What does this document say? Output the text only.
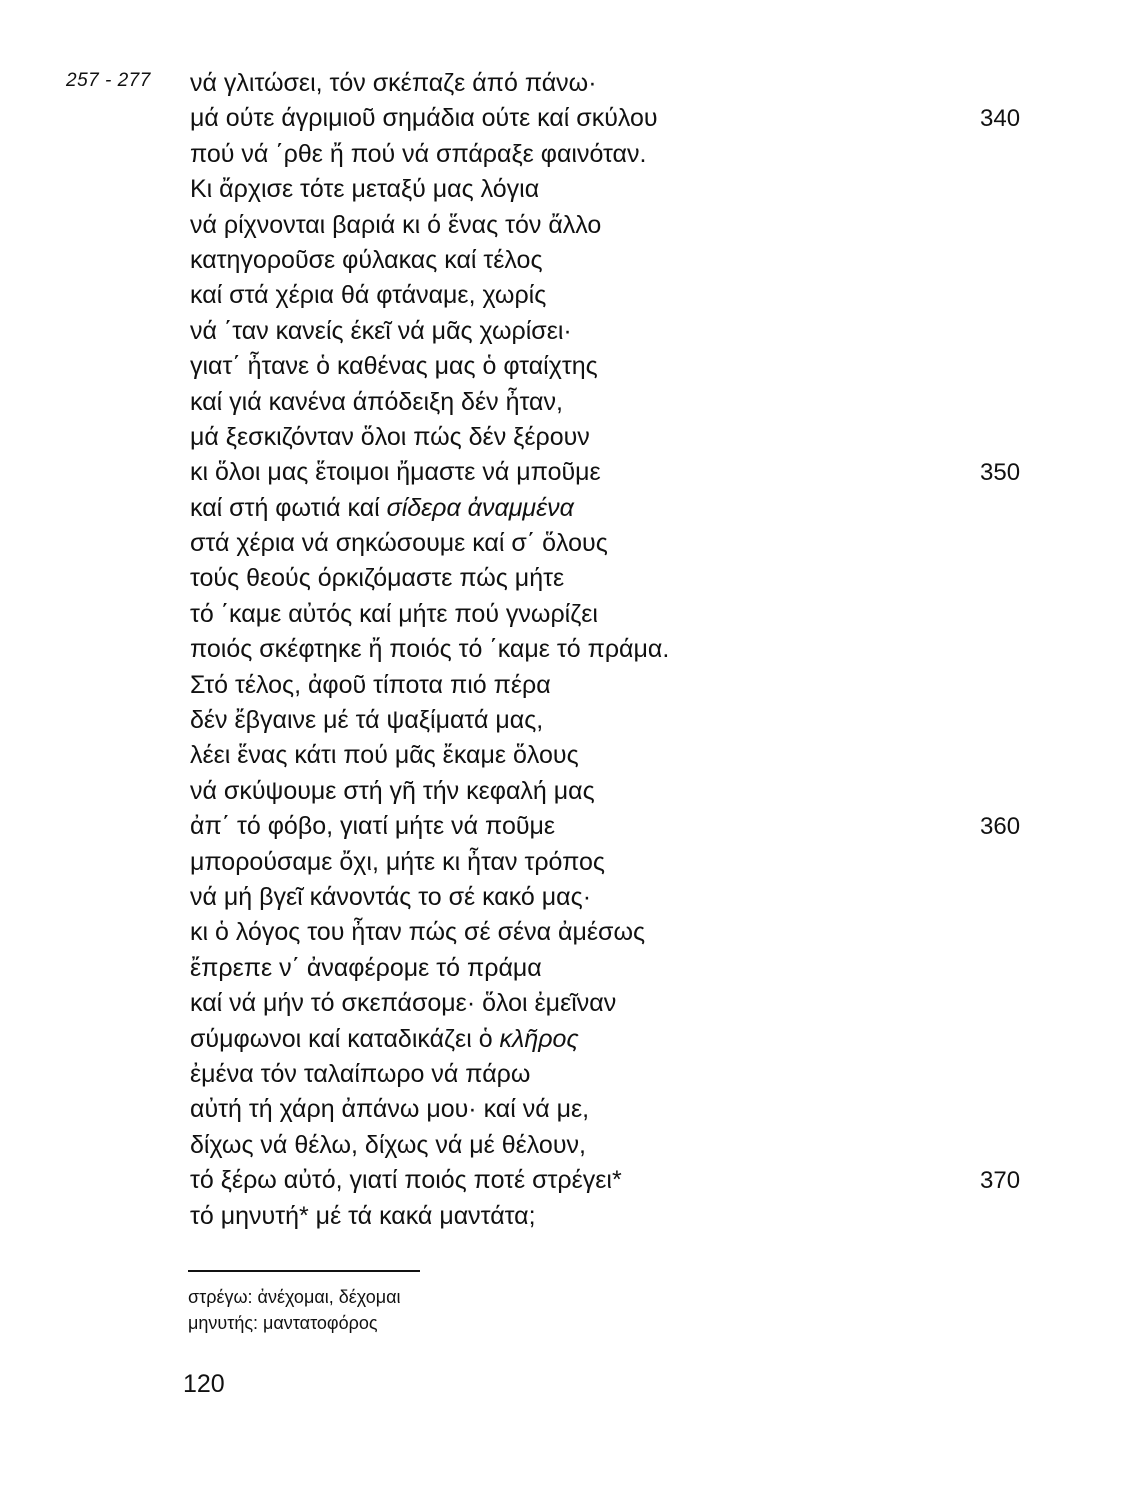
257 - 277 νά γλιτώσει, τόν σκέπαζε άπό πάνω·
μά ούτε άγριμιοῦ σημάδια ούτε καί σκύλου	340
πού νά ΄ρθε ἤ πού νά σπάραξε φαινόταν.
Κι ἄρχισε τότε μεταξύ μας λόγια
νά ρίχνονται βαριά κι ό ἕνας τόν ἄλλο
κατηγοροῦσε φύλακας καί τέλος
καί στά χέρια θά φτάναμε, χωρίς
νά ΄ταν κανείς έκεῖ νά μᾶς χωρίσει·
γιατ΄ ἦτανε ὁ καθένας μας ὁ φταίχτης
καί γιά κανένα άπόδειξη δέν ἦταν,
μά ξεσκιζόνταν ὅλοι πώς δέν ξέρουν
κι ὅλοι μας ἕτοιμοι ἤμαστε νά μποῦμε	350
καί στή φωτιά καί σίδερα ἀναμμένα
στά χέρια νά σηκώσουμε καί σ΄ ὅλους
τούς θεούς όρκιζόμαστε πώς μήτε
τό ΄καμε αὐτός καί μήτε πού γνωρίζει
ποιός σκέφτηκε ἤ ποιός τό ΄καμε τό πράμα.
Στό τέλος, ἀφοῦ τίποτα πιό πέρα
δέν ἔβγαινε μέ τά ψαξίματά μας,
λέει ἕνας κάτι πού μᾶς ἔκαμε ὅλους
νά σκύψουμε στή γῆ τήν κεφαλή μας
ἀπ΄ τό φόβο, γιατί μήτε νά ποῦμε	360
μπορούσαμε ὄχι, μήτε κι ἦταν τρόπος
νά μή βγεῖ κάνοντάς το σέ κακό μας·
κι ὁ λόγος του ἦταν πώς σέ σένα ἀμέσως
ἔπρεπε ν΄ ἀναφέρομε τό πράμα
καί νά μήν τό σκεπάσομε· ὅλοι ἐμεῖναν
σύμφωνοι καί καταδικάζει ὁ κλῆρος
ἐμένα τόν ταλαίπωρο νά πάρω
αὐτή τή χάρη ἀπάνω μου· καί νά με,
δίχως νά θέλω, δίχως νά μέ θέλουν,
τό ξέρω αὐτό, γιατί ποιός ποτέ στρέγει*	370
τό μηνυτή* μέ τά κακά μαντάτα;
στρέγω: ἀνέχομαι, δέχομαι
μηνυτής: μαντατοφόρος
120
